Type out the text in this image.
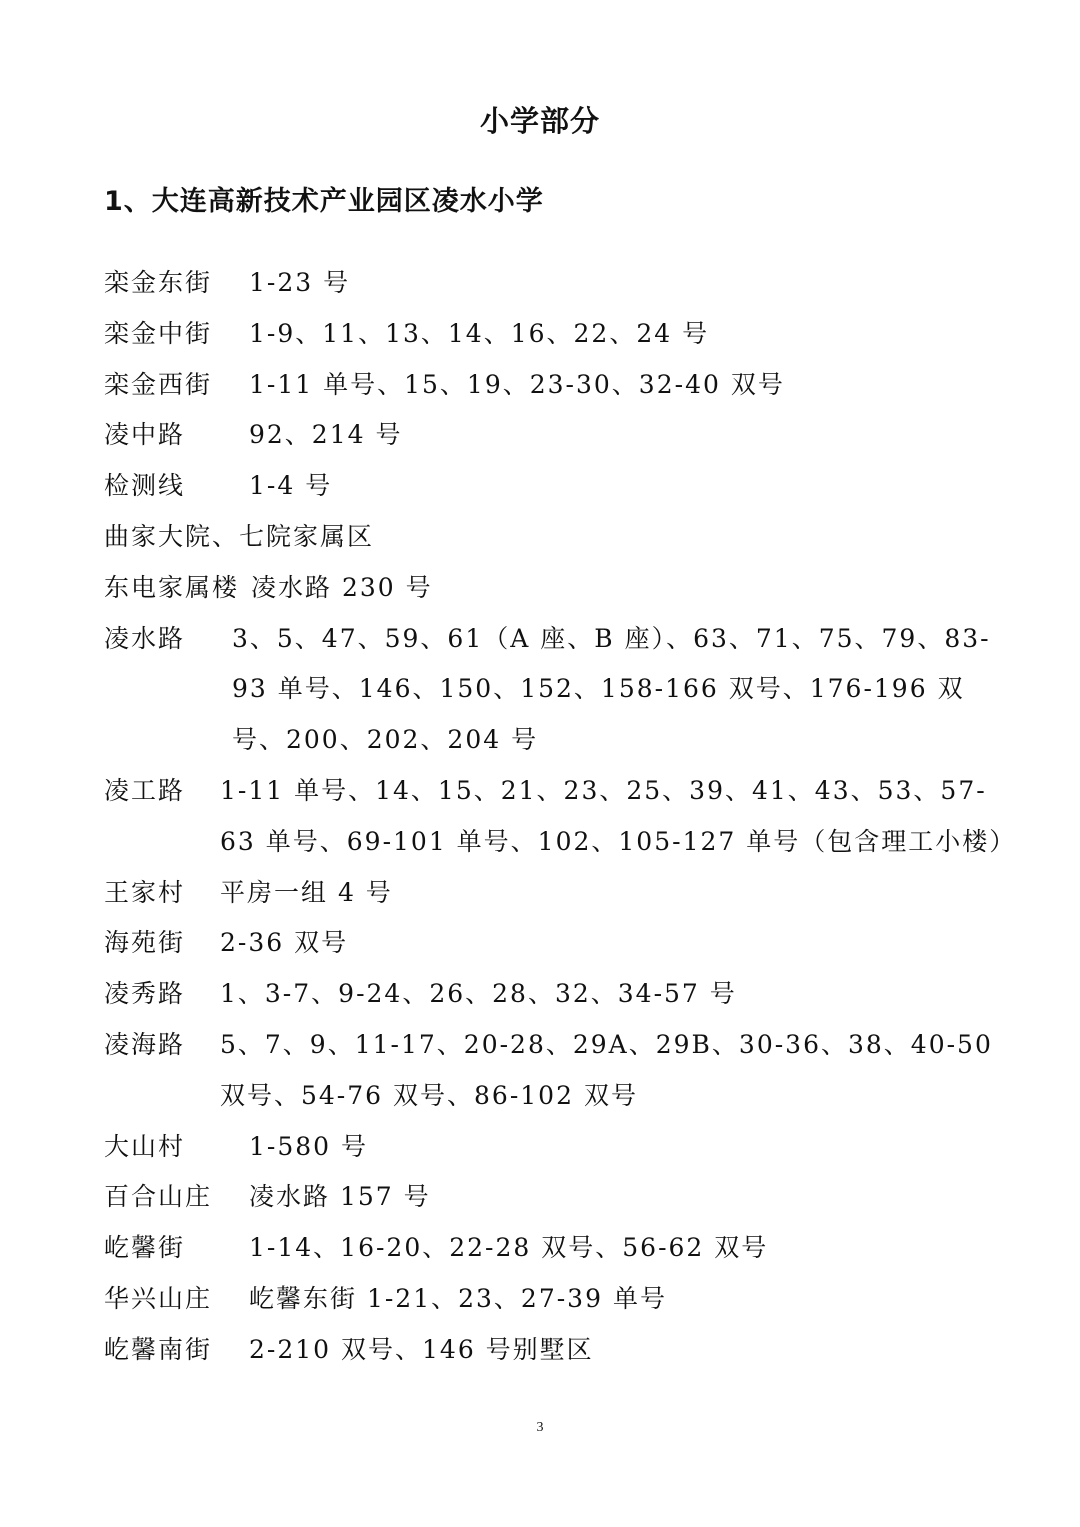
小学部分
1、大连高新技术产业园区凌水小学
栾金东街	1-23 号
栾金中街	1-9、11、13、14、16、22、24 号
栾金西街	1-11 单号、15、19、23-30、32-40 双号
凌中路	92、214 号
检测线	1-4 号
曲家大院、七院家属区
东电家属楼 凌水路 230 号
凌水路	3、5、47、59、61（A 座、B 座）、63、71、75、79、83-93 单号、146、150、152、158-166 双号、176-196 双号、200、202、204 号
凌工路	1-11 单号、14、15、21、23、25、39、41、43、53、57-63 单号、69-101 单号、102、105-127 单号（包含理工小楼）
王家村	平房一组 4 号
海苑街	2-36 双号
凌秀路	1、3-7、9-24、26、28、32、34-57 号
凌海路	5、7、9、11-17、20-28、29A、29B、30-36、38、40-50 双号、54-76 双号、86-102 双号
大山村	1-580 号
百合山庄	凌水路 157 号
屹馨街	1-14、16-20、22-28 双号、56-62 双号
华兴山庄	屹馨东街 1-21、23、27-39 单号
屹馨南街	2-210 双号、146 号别墅区
3
